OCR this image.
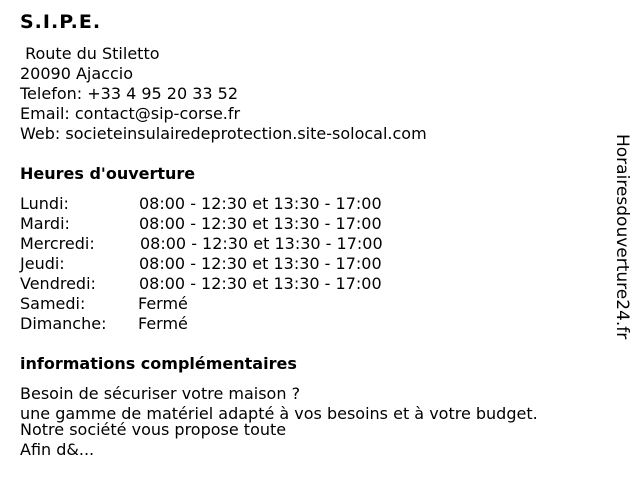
S.I.P.E.
Route du Stiletto
20090 Ajaccio
Telefon: +33 4 95 20 33 52
Email: contact@sip-corse.fr
Web: societeinsulairedeprotection.site-solocal.com
Heures d'ouverture
Lundi:	08:00 - 12:30 et 13:30 - 17:00
Mardi:	08:00 - 12:30 et 13:30 - 17:00
Mercredi:	08:00 - 12:30 et 13:30 - 17:00
Jeudi:	08:00 - 12:30 et 13:30 - 17:00
Vendredi:	08:00 - 12:30 et 13:30 - 17:00
Samedi:	Fermé
Dimanche: Fermé
informations complémentaires
Besoin de sécuriser votre maison ?
une gamme de matériel adapté à vos besoins et à votre budget.
Notre société vous propose toute
Afin d&...
Horairesdouverture24.fr
